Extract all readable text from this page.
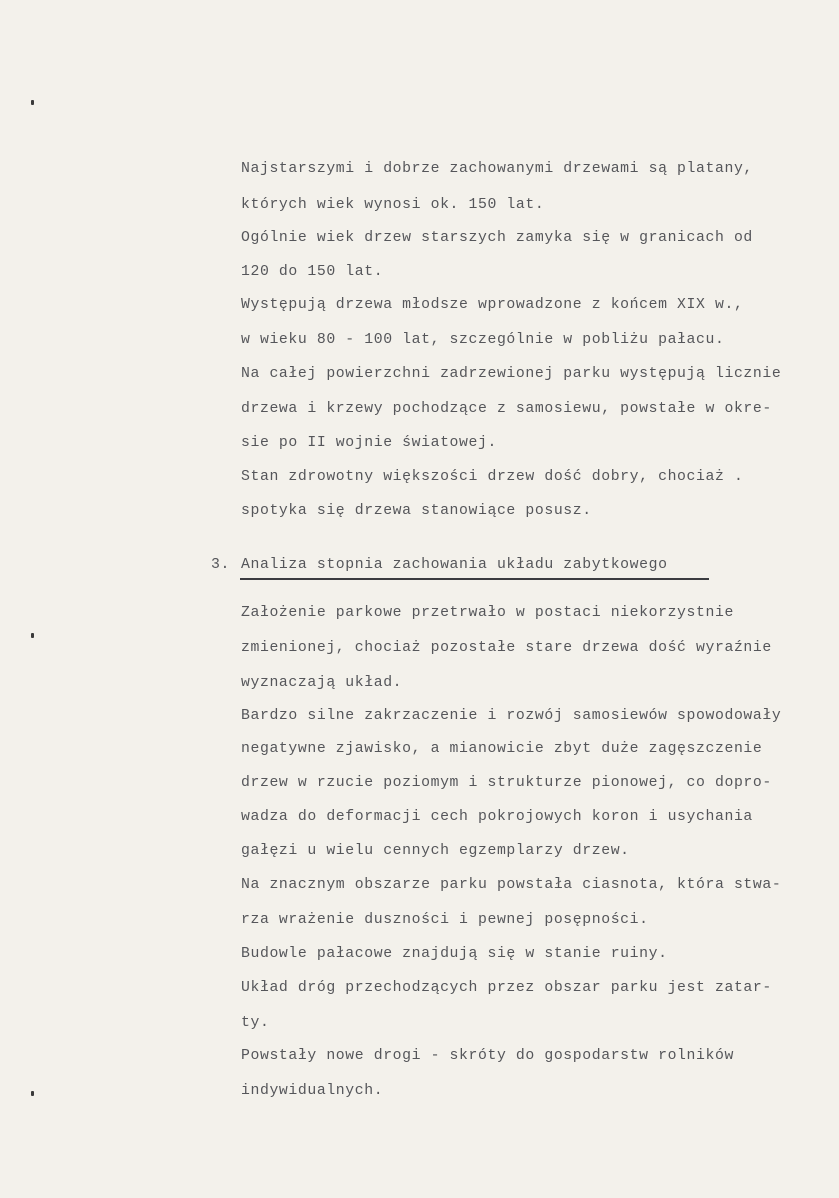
Najstarszymi i dobrze zachowanymi drzewami są platany,
których wiek wynosi ok. 150 lat.
Ogólnie wiek drzew starszych zamyka się w granicach od
120 do 150 lat.
Występują drzewa młodsze wprowadzone z końcem XIX w.,
w wieku 80 - 100 lat, szczególnie w pobliżu pałacu.
Na całej powierzchni zadrzewionej parku występują licznie
drzewa i krzewy pochodzące z samosiewu, powstałe w okre-
sie po II wojnie światowej.
Stan zdrowotny większości drzew dość dobry, chociaż .
spotyka się drzewa stanowiące posusz.
3. Analiza stopnia zachowania układu zabytkowego
Założenie parkowe przetrwało w postaci niekorzystnie
zmienionej, chociaż pozostałe stare drzewa dość wyraźnie
wyznaczają układ.
Bardzo silne zakrzaczenie i rozwój samosiewów spowodowały
negatywne zjawisko, a mianowicie zbyt duże zagęszczenie
drzew w rzucie poziomym i strukturze pionowej, co dopro-
wadza do deformacji cech pokrojowych koron i usychania
gałęzi u wielu cennych egzemplarzy drzew.
Na znacznym obszarze parku powstała ciasnota, która stwa-
rza wrażenie duszności i pewnej posępności.
Budowle pałacowe znajdują się w stanie ruiny.
Układ dróg przechodzących przez obszar parku jest zatar-
ty.
Powstały nowe drogi - skróty do gospodarstw rolników
indywidualnych.
